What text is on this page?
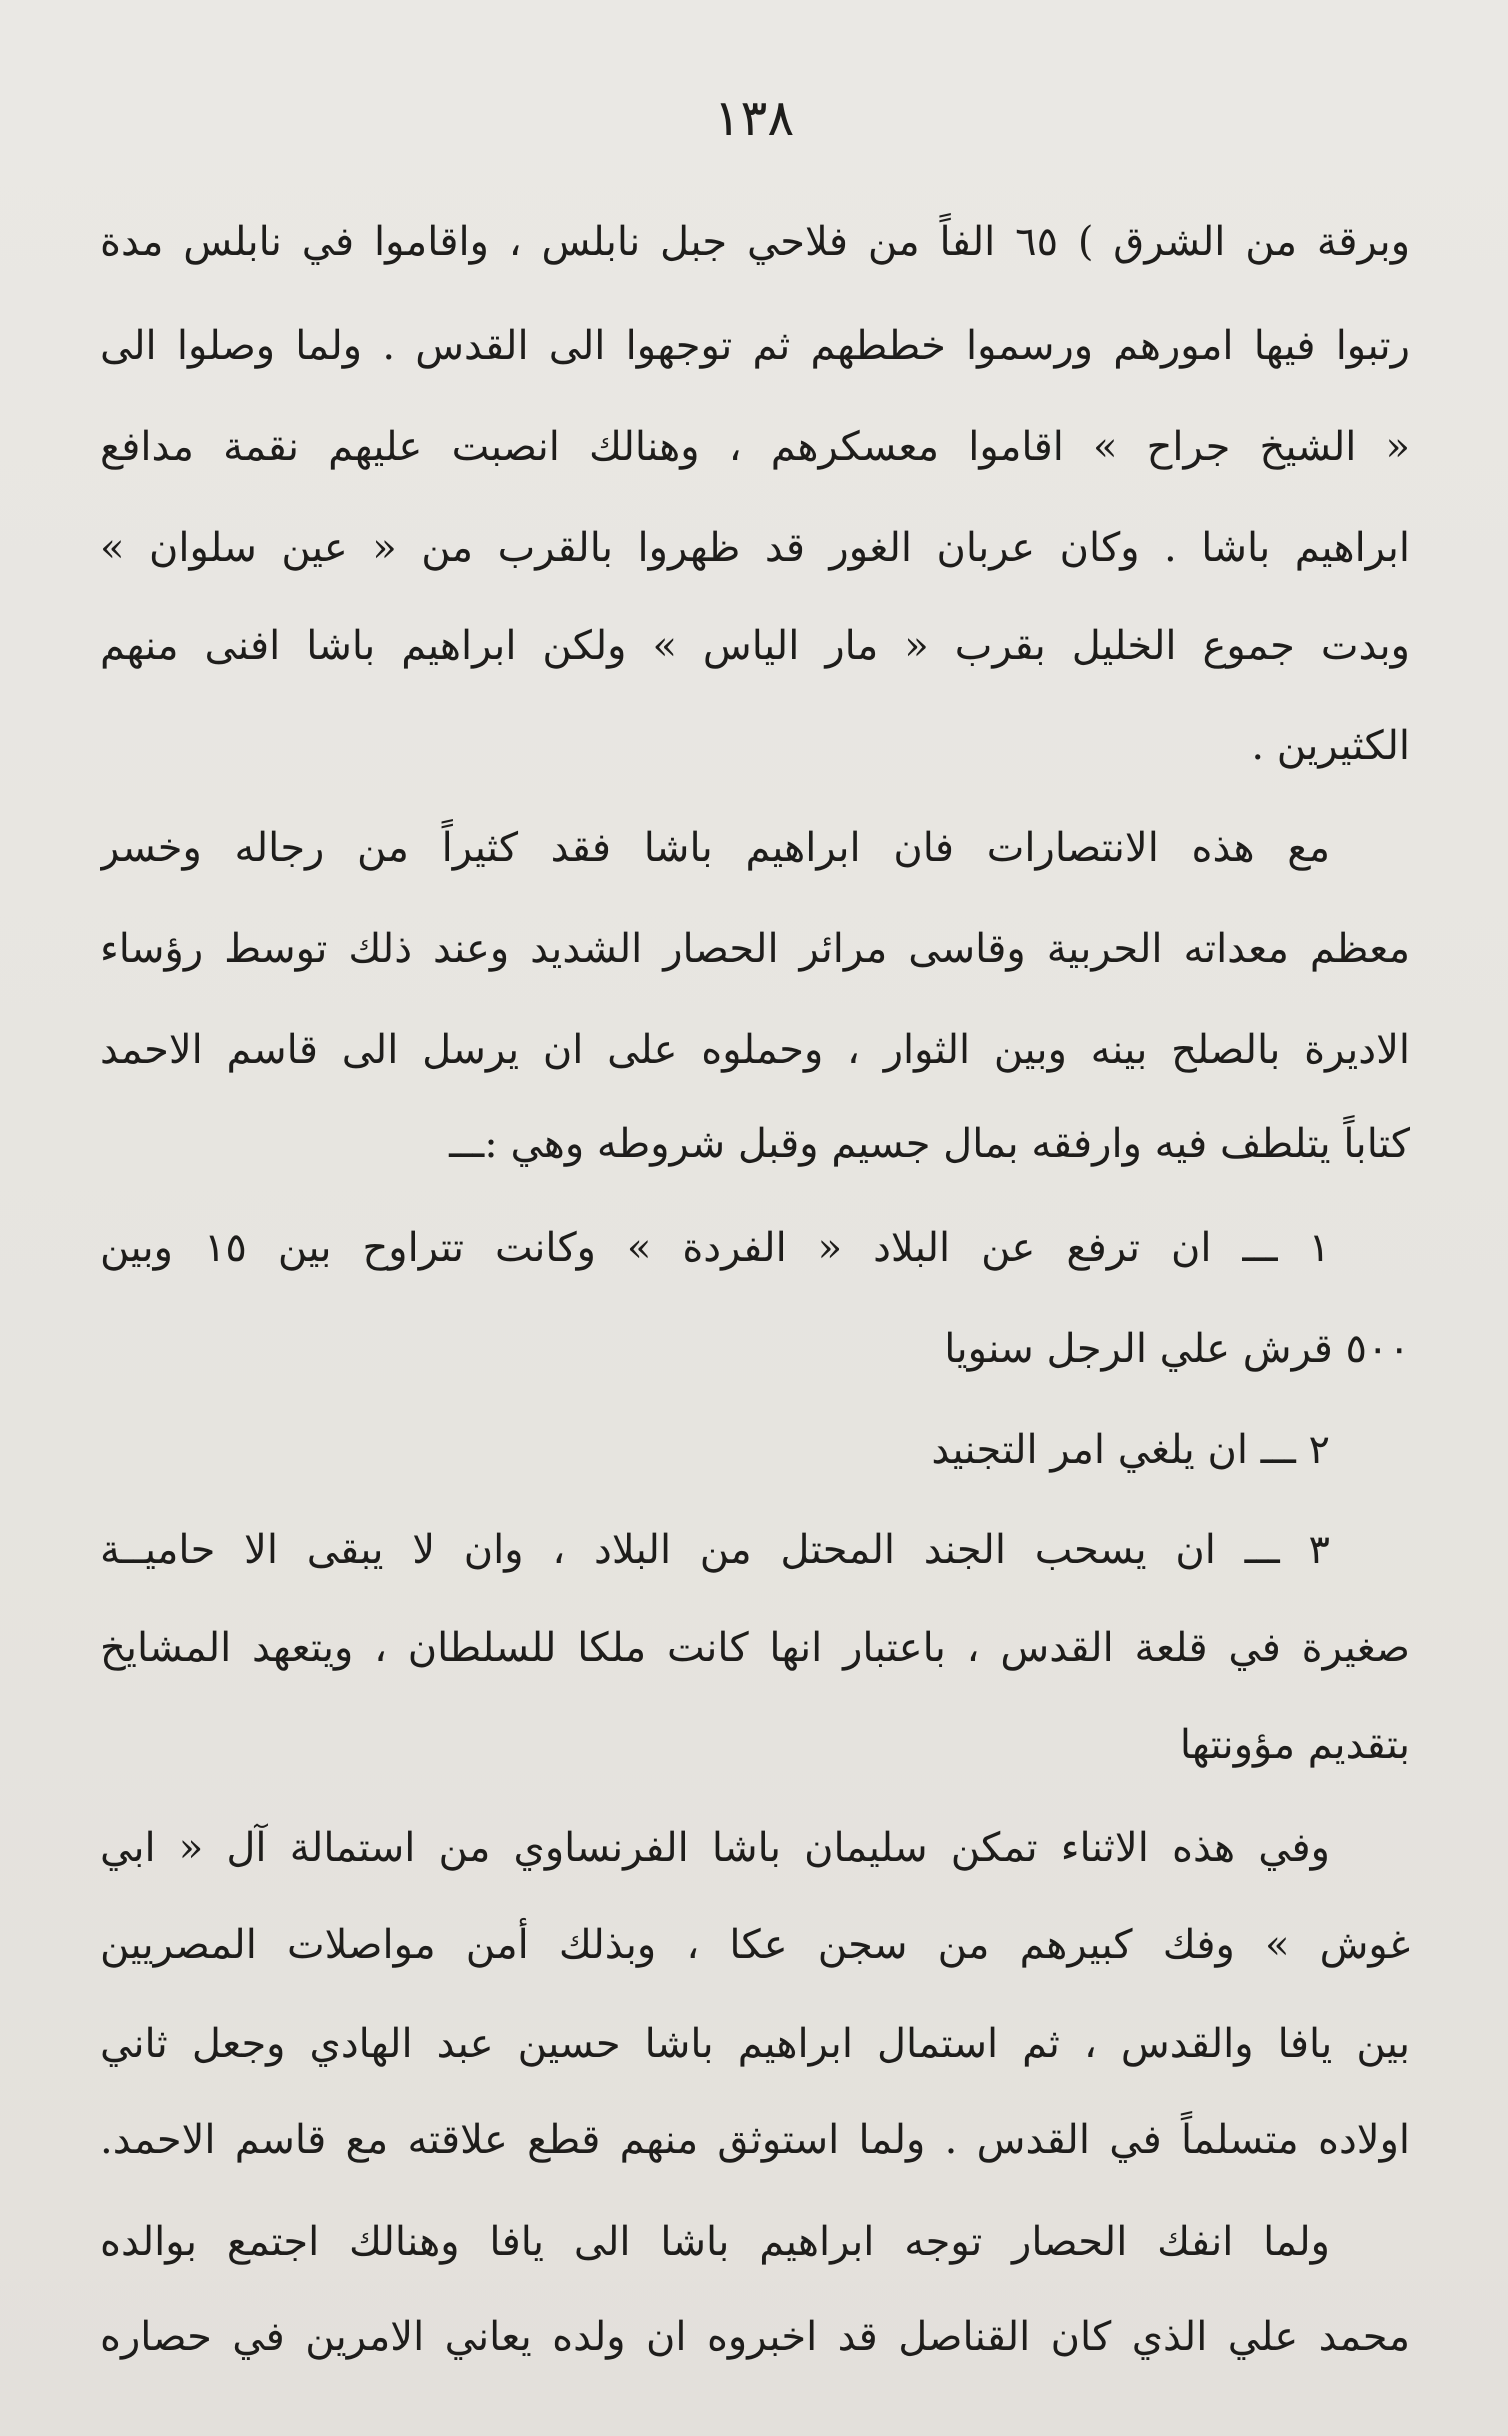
١٣٨
وبرقة من الشرق ) ٦٥ الفاً من فلاحي جبل نابلس ، واقاموا في نابلس مدة
رتبوا فيها امورهم ورسموا خططهم ثم توجهوا الى القدس . ولما وصلوا الى
« الشيخ جراح » اقاموا معسكرهم ، وهنالك انصبت عليهم نقمة مدافع
ابراهيم باشا . وكان عربان الغور قد ظهروا بالقرب من « عين سلوان »
وبدت جموع الخليل بقرب « مار الياس » ولكن ابراهيم باشا افنى منهم
الكثيرين .
مع هذه الانتصارات فان ابراهيم باشا فقد كثيراً من رجاله وخسر
معظم معداته الحربية وقاسى مرائر الحصار الشديد وعند ذلك توسط رؤساء
الاديرة بالصلح بينه وبين الثوار ، وحملوه على ان يرسل الى قاسم الاحمد
كتاباً يتلطف فيه وارفقه بمال جسيم وقبل شروطه وهي :ـــ
١ ـــ ان ترفع عن البلاد « الفردة » وكانت تتراوح بين ١٥ وبين
٥٠٠ قرش علي الرجل سنويا
٢ ـــ ان يلغي امر التجنيد
٣ ـــ ان يسحب الجند المحتل من البلاد ، وان لا يبقى الا حاميــة
صغيرة في قلعة القدس ، باعتبار انها كانت ملكا للسلطان ، ويتعهد المشايخ
بتقديم مؤونتها
وفي هذه الاثناء تمكن سليمان باشا الفرنساوي من استمالة آل « ابي
غوش » وفك كبيرهم من سجن عكا ، وبذلك أمن مواصلات المصريين
بين يافا والقدس ، ثم استمال ابراهيم باشا حسين عبد الهادي وجعل ثاني
اولاده متسلماً في القدس . ولما استوثق منهم قطع علاقته مع قاسم الاحمد.
ولما انفك الحصار توجه ابراهيم باشا الى يافا وهنالك اجتمع بوالده
محمد علي الذي كان القناصل قد اخبروه ان ولده يعاني الامرين في حصاره
